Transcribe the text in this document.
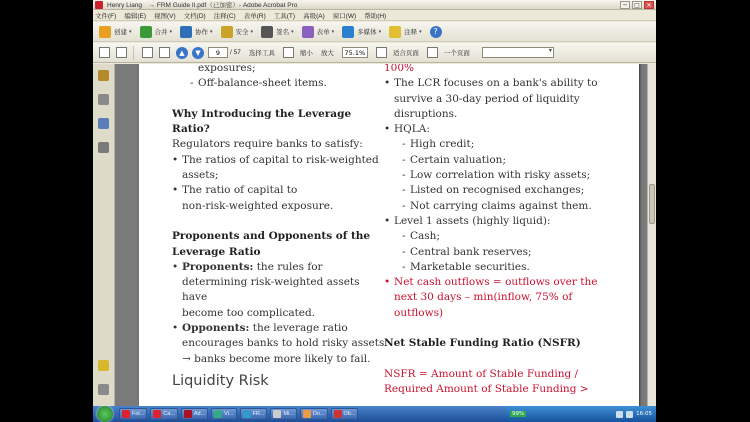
Henry Liang　→ FRM Guide II.pdf（已加密）- Adobe Acrobat Pro	─	□	✕
文件(F) 编辑(E) 视图(V) 文档(D) 注释(C) 表单(R) 工具(T) 高级(A) 窗口(W) 帮助(H)
创建 ▾	合并 ▾	协作 ▾	安全 ▾	签名 ▾	表单 ▾	多媒体 ▾	注释 ▾	?
▲	▼	9	/ 57 选择工具	缩小 放大	75.1%	适合页面	一个页面
▾
exposures;
- Off-balance-sheet items.

Why Introducing the Leverage
Ratio?
Regulators require banks to satisfy:
• The ratios of capital to risk-weighted
assets;
• The ratio of capital to
non-risk-weighted exposure.

Proponents and Opponents of the
Leverage Ratio
• Proponents: the rules for
determining risk-weighted assets have
become too complicated.
• Opponents: the leverage ratio
encourages banks to hold risky assets
→ banks become more likely to fail.
Liquidity Risk
100%
• The LCR focuses on a bank's ability to
survive a 30-day period of liquidity
disruptions.
• HQLA:
- High credit;
- Certain valuation;
- Low correlation with risky assets;
- Listed on recognised exchanges;
- Not carrying claims against them.
• Level 1 assets (highly liquid):
- Cash;
- Central bank reserves;
- Marketable securities.
• Net cash outflows = outflows over the
next 30 days – min(inflow, 75% of
outflows)

Net Stable Funding Ratio (NSFR)

NSFR = Amount of Stable Funding /
Required Amount of Stable Funding >
Fol...	Ca...	Ad...	Vi...	FR...	Mi...	Do...	Ob...	99%	16:05
